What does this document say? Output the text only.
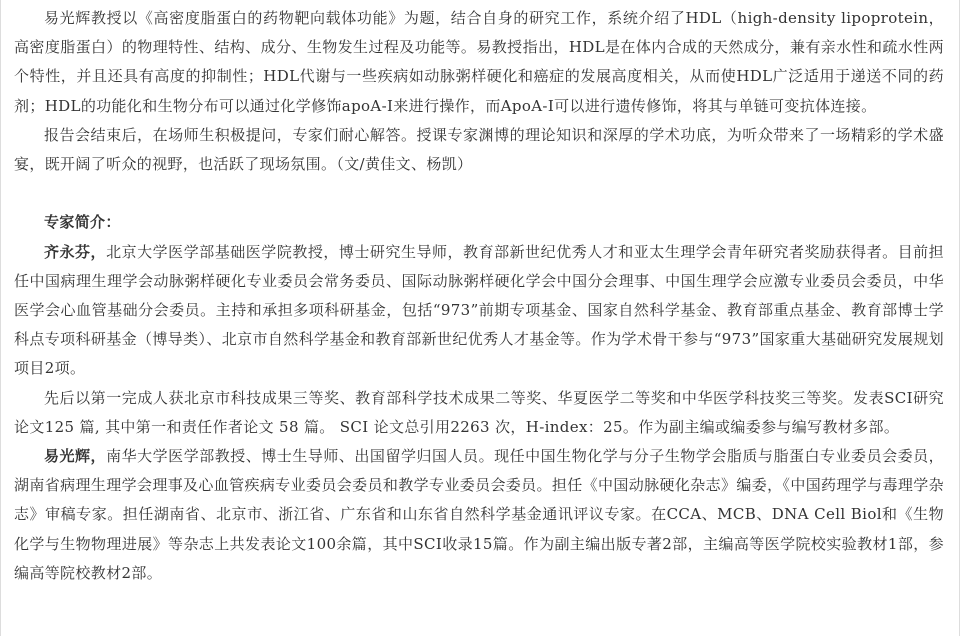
易光辉教授以《高密度脂蛋白的药物靶向载体功能》为题，结合自身的研究工作，系统介绍了HDL（high-density lipoprotein，高密度脂蛋白）的物理特性、结构、成分、生物发生过程及功能等。易教授指出，HDL是在体内合成的天然成分，兼有亲水性和疏水性两个特性，并且还具有高度的抑制性；HDL代谢与一些疾病如动脉粥样硬化和癌症的发展高度相关，从而使HDL广泛适用于递送不同的药剂；HDL的功能化和生物分布可以通过化学修饰apoA-I来进行操作，而ApoA-I可以进行遗传修饰，将其与单链可变抗体连接。

报告会结束后，在场师生积极提问，专家们耐心解答。授课专家渊博的理论知识和深厚的学术功底，为听众带来了一场精彩的学术盛宴，既开阔了听众的视野，也活跃了现场氛围。（文/黄佳文、杨凯）

专家简介：

齐永芬，北京大学医学部基础医学院教授，博士研究生导师，教育部新世纪优秀人才和亚太生理学会青年研究者奖励获得者。目前担任中国病理生理学会动脉粥样硬化专业委员会常务委员、国际动脉粥样硬化学会中国分会理事、中国生理学会应激专业委员会委员，中华医学会心血管基础分会委员。主持和承担多项科研基金，包括“973”前期专项基金、国家自然科学基金、教育部重点基金、教育部博士学科点专项科研基金（博导类）、北京市自然科学基金和教育部新世纪优秀人才基金等。作为学术骨干参与“973”国家重大基础研究发展规划项目2项。

先后以第一完成人获北京市科技成果三等奖、教育部科学技术成果二等奖、华夏医学二等奖和中华医学科技奖三等奖。发表SCI研究论文125 篇, 其中第一和责任作者论文 58 篇。 SCI 论文总引用2263 次，H-index：25。作为副主编或编委参与编写教材多部。

易光辉，南华大学医学部教授、博士生导师、出国留学归国人员。现任中国生物化学与分子生物学会脂质与脂蛋白专业委员会委员，湖南省病理生理学会理事及心血管疾病专业委员会委员和教学专业委员会委员。担任《中国动脉硬化杂志》编委，《中国药理学与毒理学杂志》审稿专家。担任湖南省、北京市、浙江省、广东省和山东省自然科学基金通讯评议专家。在CCA、MCB、DNA Cell Biol和《生物化学与生物物理进展》等杂志上共发表论文100余篇，其中SCI收录15篇。作为副主编出版专著2部，主编高等医学院校实验教材1部，参编高等院校教材2部。
